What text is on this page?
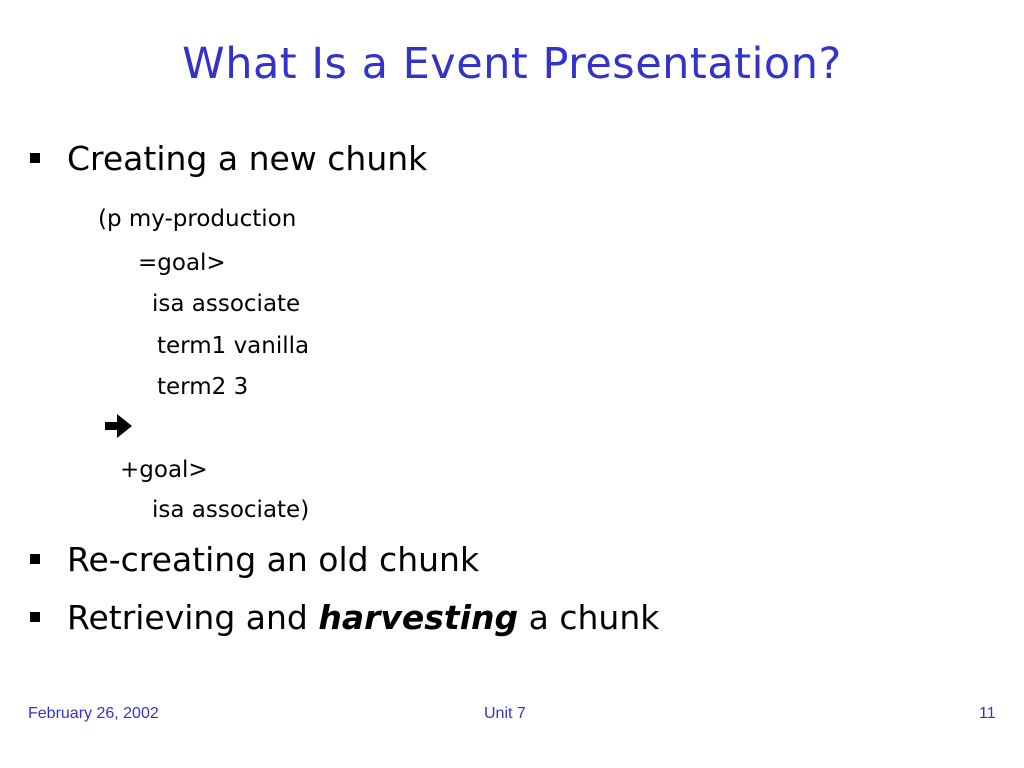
What Is a Event Presentation?
Creating a new chunk
(p my-production
=goal>
isa associate
term1 vanilla
term2 3
+goal>
isa associate)
Re-creating an old chunk
Retrieving and harvesting a chunk
February 26, 2002	Unit 7	11
